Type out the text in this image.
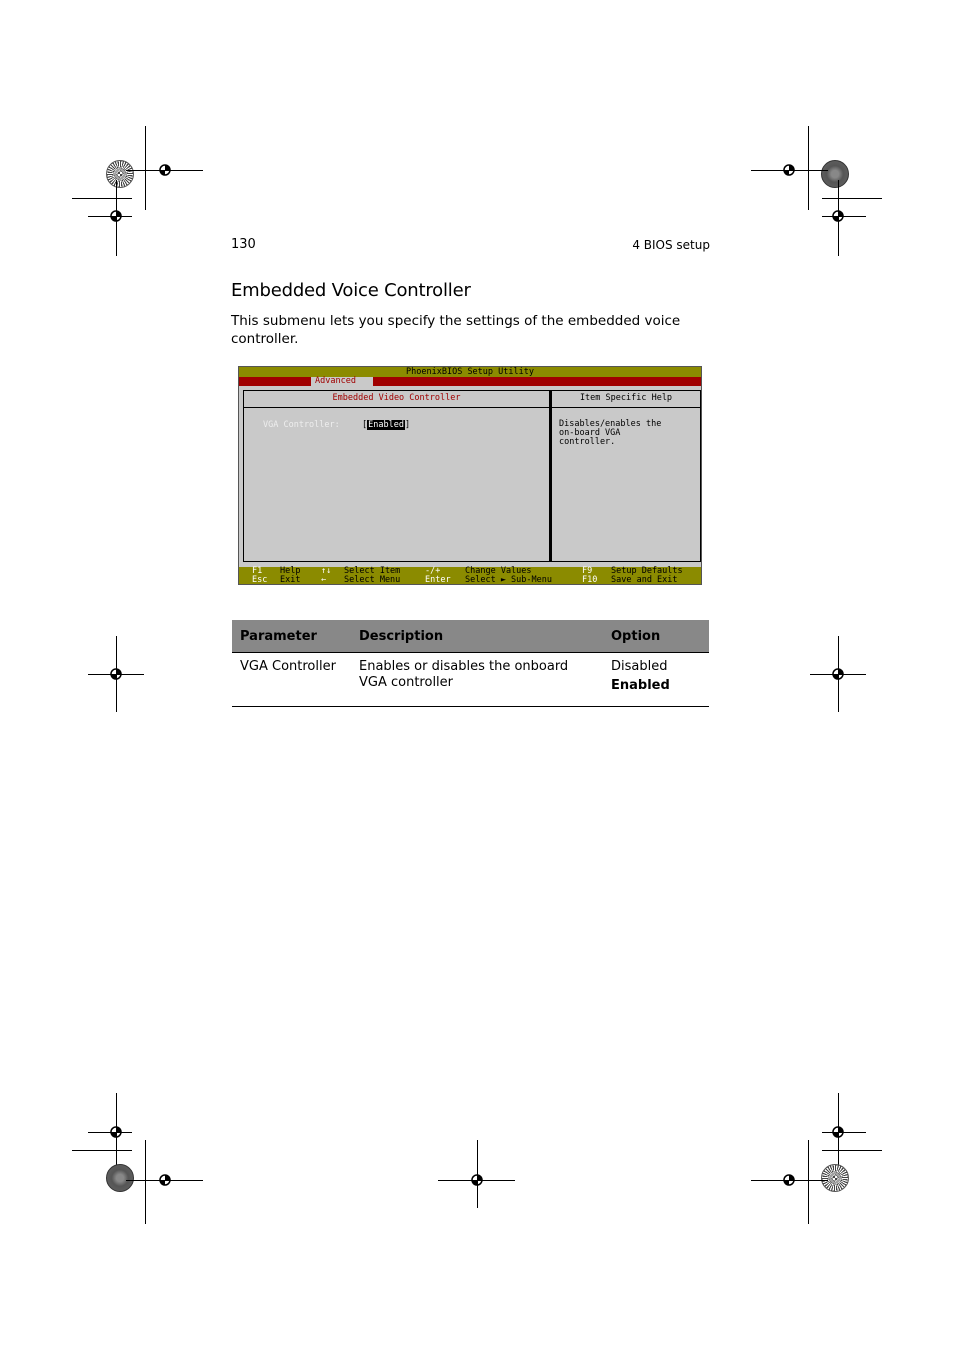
130	4 BIOS setup
Embedded Voice Controller
This submenu lets you specify the settings of the embedded voice controller.
PhoenixBIOS Setup Utility
Advanced
Embedded Video Controller
VGA Controller:	[Enabled]
Item Specific Help
Disables/enables the
on-board VGA
controller.
F1 Help
Esc Exit
↑↓ Select Item
← Select Menu
-/+	Change Values
Enter Select ► Sub-Menu
F9 Setup Defaults
F10 Save and Exit
Parameter	Description	Option
VGA Controller	Enables or disables the onboard VGA controller	Disabled
Enabled
